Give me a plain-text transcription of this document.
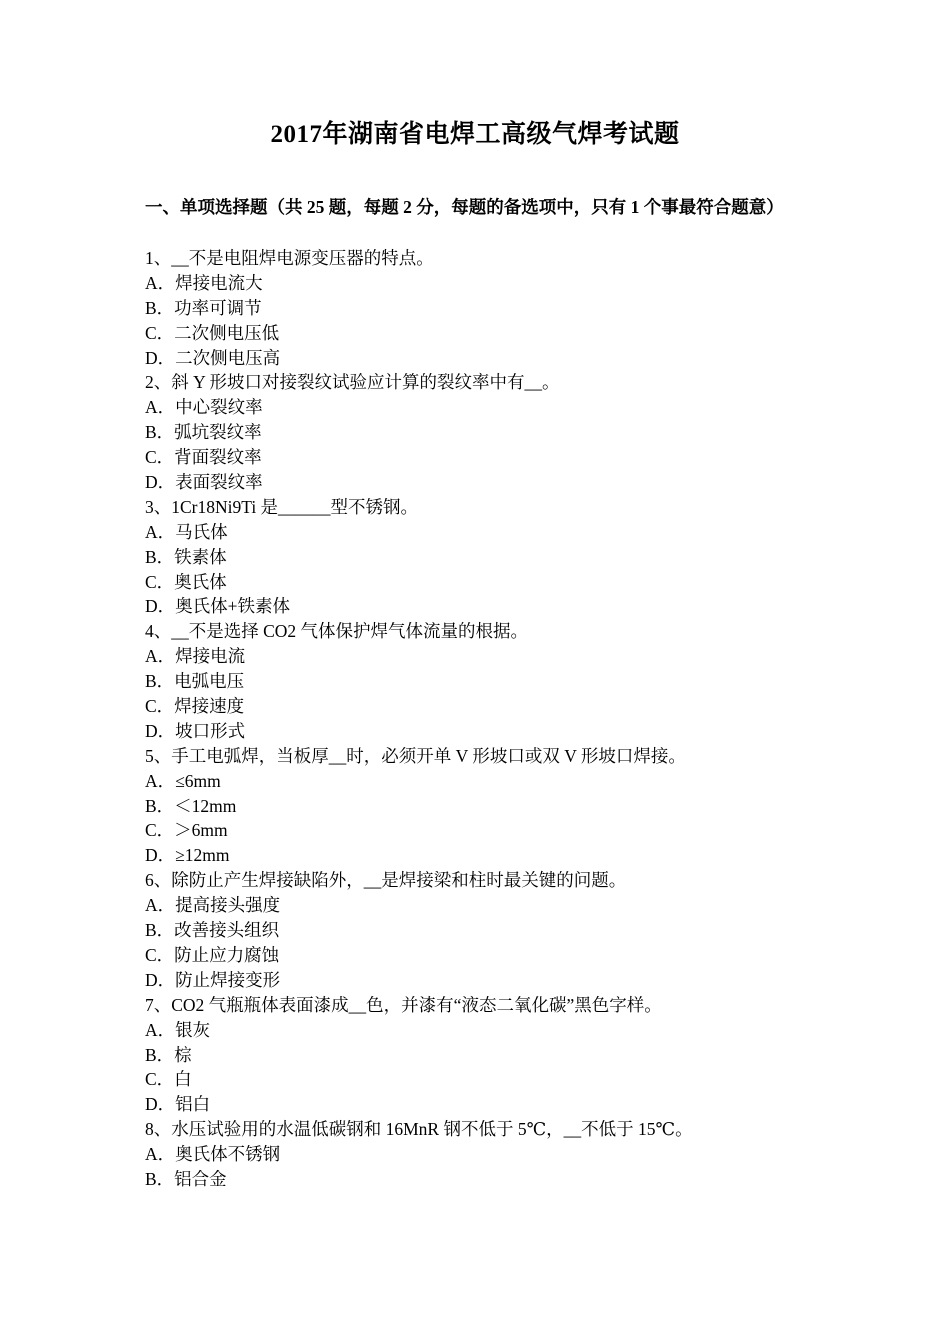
2017年湖南省电焊工高级气焊考试题
一、单项选择题（共 25 题，每题 2 分，每题的备选项中，只有 1 个事最符合题意）
1、__不是电阻焊电源变压器的特点。
A．焊接电流大
B．功率可调节
C．二次侧电压低
D．二次侧电压高
2、斜 Y 形坡口对接裂纹试验应计算的裂纹率中有__。
A．中心裂纹率
B．弧坑裂纹率
C．背面裂纹率
D．表面裂纹率
3、1Cr18Ni9Ti 是______型不锈钢。
A．马氏体
B．铁素体
C．奥氏体
D．奥氏体+铁素体
4、__不是选择 CO2 气体保护焊气体流量的根据。
A．焊接电流
B．电弧电压
C．焊接速度
D．坡口形式
5、手工电弧焊，当板厚__时，必须开单 V 形坡口或双 V 形坡口焊接。
A．≤6mm
B．＜12mm
C．＞6mm
D．≥12mm
6、除防止产生焊接缺陷外，__是焊接梁和柱时最关键的问题。
A．提高接头强度
B．改善接头组织
C．防止应力腐蚀
D．防止焊接变形
7、CO2 气瓶瓶体表面漆成__色，并漆有“液态二氧化碳”黑色字样。
A．银灰
B．棕
C．白
D．铝白
8、水压试验用的水温低碳钢和 16MnR 钢不低于 5℃，__不低于 15℃。
A．奥氏体不锈钢
B．铝合金
